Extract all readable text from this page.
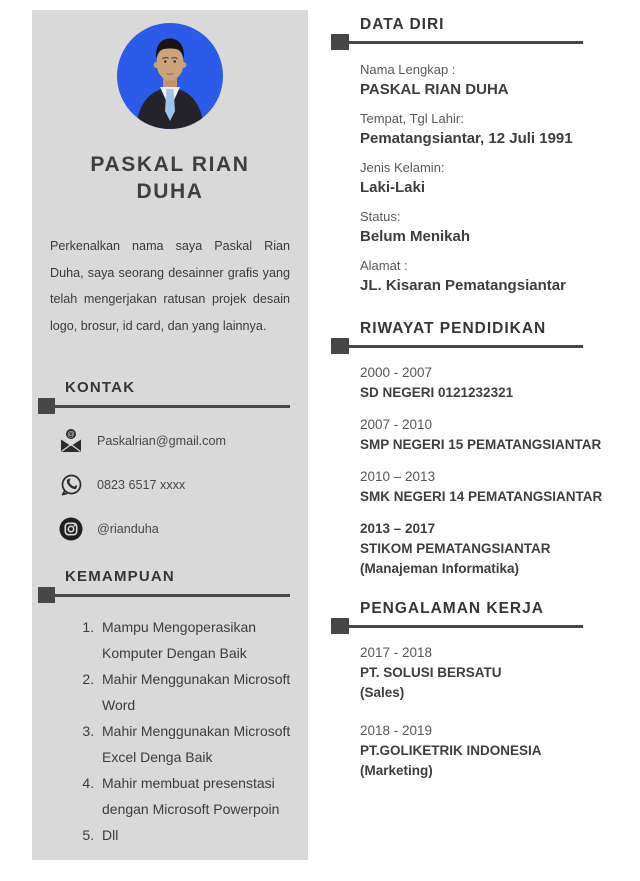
PASKAL RIAN
DUHA

Perkenalkan nama saya Paskal Rian Duha, saya seorang desainner grafis yang telah mengerjakan ratusan projek desain logo, brosur, id card, dan yang lainnya.

KONTAK
@
Paskalrian@gmail.com
0823 6517 xxxx
@rianduha
KEMAMPUAN
1. Mampu Mengoperasikan Komputer Dengan Baik
2. Mahir Menggunakan Microsoft Word
3. Mahir Menggunakan Microsoft Excel Denga Baik
4. Mahir membuat presenstasi dengan Microsoft Powerpoin
5. Dll
DATA DIRI
Nama Lengkap :
PASKAL RIAN DUHA
Tempat, Tgl Lahir:
Pematangsiantar, 12 Juli 1991
Jenis Kelamin:
Laki-Laki
Status:
Belum Menikah
Alamat :
JL. Kisaran Pematangsiantar
RIWAYAT PENDIDIKAN
2000 - 2007
SD NEGERI 0121232321
2007 - 2010
SMP NEGERI 15 PEMATANGSIANTAR
2010 – 2013
SMK NEGERI 14 PEMATANGSIANTAR
2013 – 2017
STIKOM PEMATANGSIANTAR
(Manajeman Informatika)
PENGALAMAN KERJA
2017 - 2018
PT. SOLUSI BERSATU
(Sales)
2018 - 2019
PT.GOLIKETRIK INDONESIA
(Marketing)
